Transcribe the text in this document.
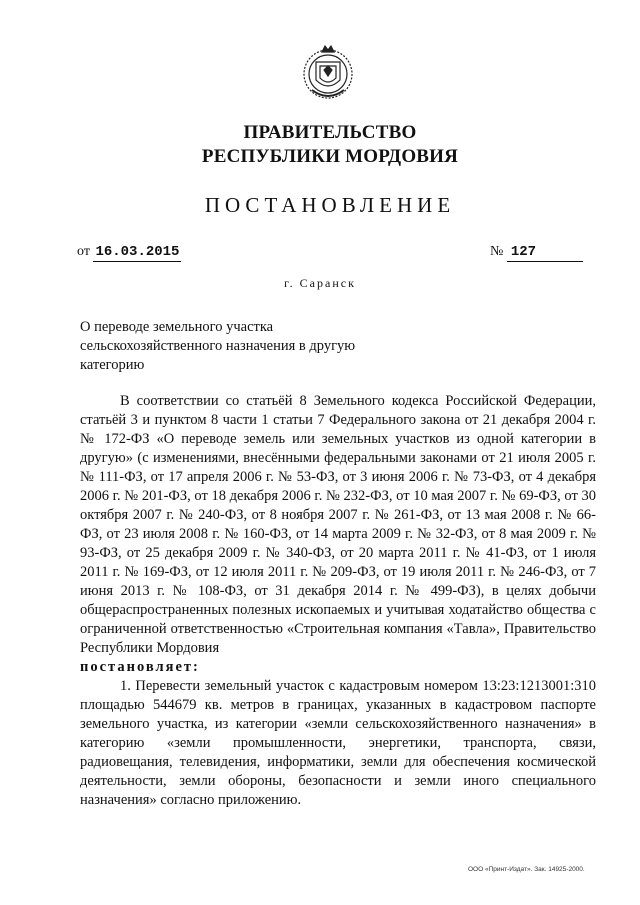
ПРАВИТЕЛЬСТВО
РЕСПУБЛИКИ МОРДОВИЯ
ПОСТАНОВЛЕНИЕ
от 16.03.2015	№ 127
г. Саранск
О переводе земельного участка сельскохозяйственного назначения в другую категорию

В соответствии со статьёй 8 Земельного кодекса Российской Федерации, статьёй 3 и пунктом 8 части 1 статьи 7 Федерального закона от 21 декабря 2004 г. № 172-ФЗ «О переводе земель или земельных участков из одной категории в другую» (с изменениями, внесёнными федеральными законами от 21 июля 2005 г. № 111-ФЗ, от 17 апреля 2006 г. № 53-ФЗ, от 3 июня 2006 г. № 73-ФЗ, от 4 декабря 2006 г. № 201-ФЗ, от 18 декабря 2006 г. № 232-ФЗ, от 10 мая 2007 г. № 69-ФЗ, от 30 октября 2007 г. № 240-ФЗ, от 8 ноября 2007 г. № 261-ФЗ, от 13 мая 2008 г. № 66-ФЗ, от 23 июля 2008 г. № 160-ФЗ, от 14 марта 2009 г. № 32-ФЗ, от 8 мая 2009 г. № 93-ФЗ, от 25 декабря 2009 г. № 340-ФЗ, от 20 марта 2011 г. № 41-ФЗ, от 1 июля 2011 г. № 169-ФЗ, от 12 июля 2011 г. № 209-ФЗ, от 19 июля 2011 г. № 246-ФЗ, от 7 июня 2013 г. № 108-ФЗ, от 31 декабря 2014 г. № 499-ФЗ), в целях добычи общераспространенных полезных ископаемых и учитывая ходатайство общества с ограниченной ответственностью «Строительная компания «Тавла», Правительство Республики Мордовия

постановляет:

1. Перевести земельный участок с кадастровым номером 13:23:1213001:310 площадью 544679 кв. метров в границах, указанных в кадастровом паспорте земельного участка, из категории «земли сельскохозяйственного назначения» в категорию «земли промышленности, энергетики, транспорта, связи, радиовещания, телевидения, информатики, земли для обеспечения космической деятельности, земли обороны, безопасности и земли иного специального назначения» согласно приложению.

ООО «Принт-Издат». Зак. 14925-2000.
